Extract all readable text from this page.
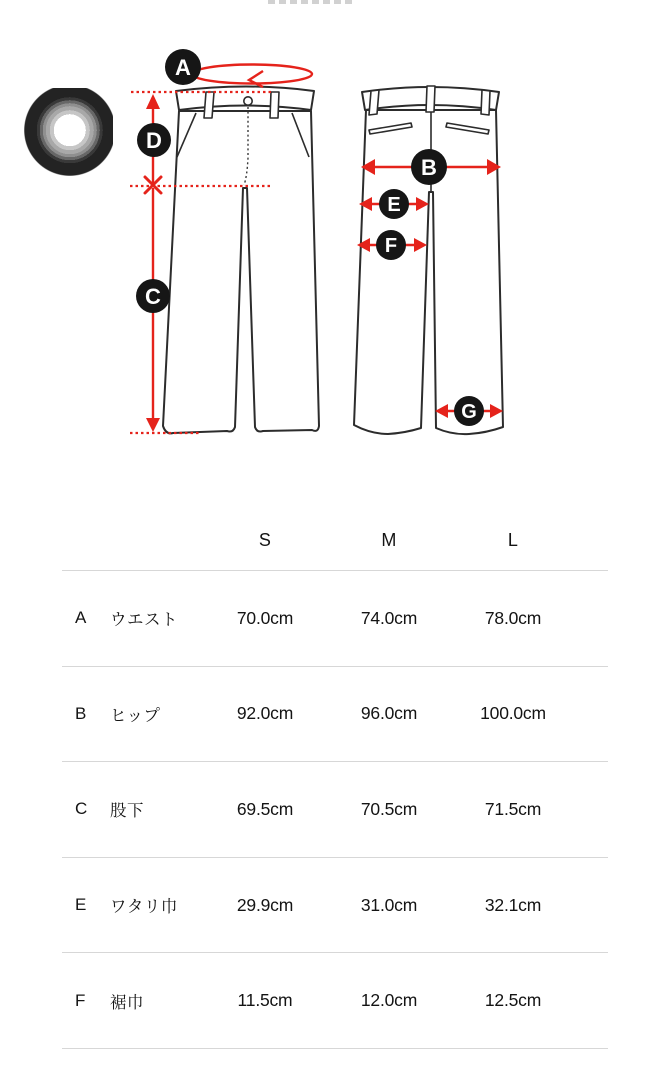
A
D
C
B
E
F
G
S	M	L
A	ウエスト	70.0cm	74.0cm	78.0cm
B	ヒップ	92.0cm	96.0cm	100.0cm
C	股下	69.5cm	70.5cm	71.5cm
E	ワタリ巾	29.9cm	31.0cm	32.1cm
F	裾巾	11.5cm	12.0cm	12.5cm
